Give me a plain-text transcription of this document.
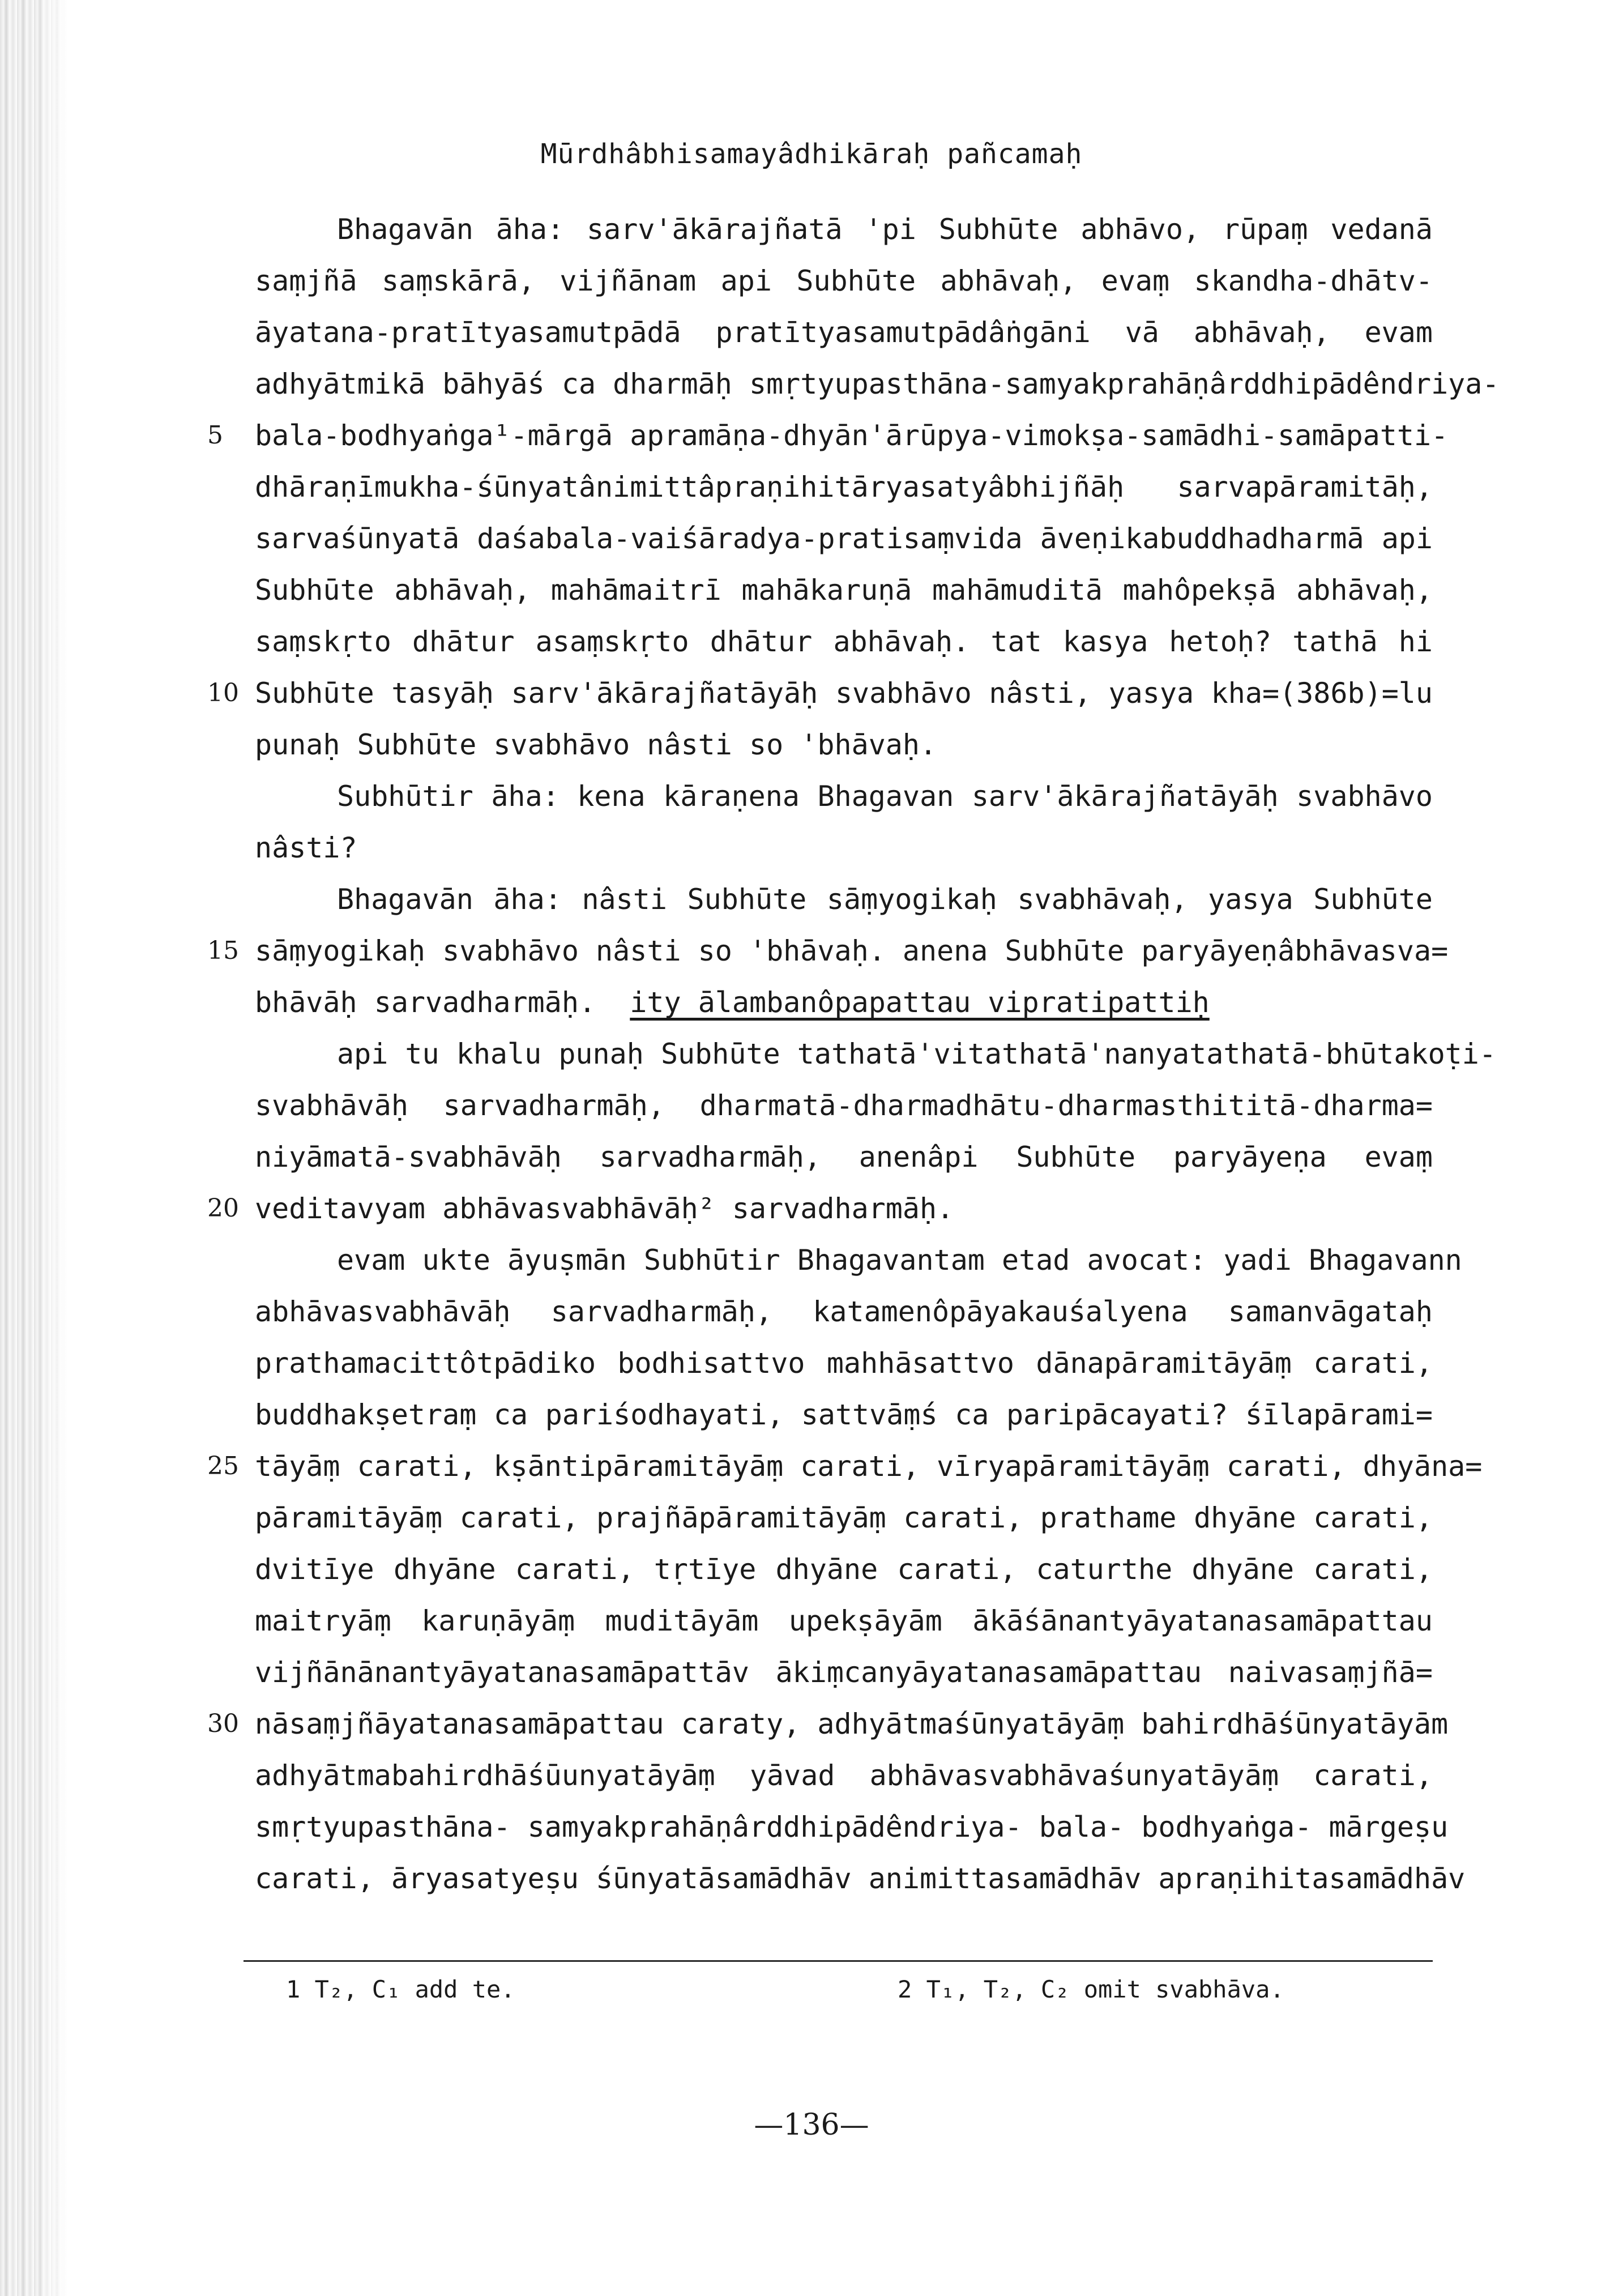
Mūrdhâbhisamayâdhikāraḥ pañcamaḥ
Bhagavān āha: sarv'ākārajñatā 'pi Subhūte abhāvo, rūpaṃ vedanā
saṃjñā saṃskārā, vijñānam api Subhūte abhāvaḥ, evaṃ skandha-dhātv-
āyatana-pratītyasamutpādā pratītyasamutpādâṅgāni vā abhāvaḥ, evam
adhyātmikā bāhyāś ca dharmāḥ smṛtyupasthāna-samyakprahāṇârddhipādêndriya-
bala-bodhyaṅga¹-mārgā apramāṇa-dhyān'ārūpya-vimokṣa-samādhi-samāpatti-
dhāraṇīmukha-śūnyatânimittâpraṇihitāryasatyâbhijñāḥ sarvapāramitāḥ,
sarvaśūnyatā daśabala-vaiśāradya-pratisaṃvida āveṇikabuddhadharmā api
Subhūte abhāvaḥ, mahāmaitrī mahākaruṇā mahāmuditā mahôpekṣā abhāvaḥ,
saṃskṛto dhātur asaṃskṛto dhātur abhāvaḥ. tat kasya hetoḥ? tathā hi
Subhūte tasyāḥ sarv'ākārajñatāyāḥ svabhāvo nâsti, yasya kha=(386b)=lu
punaḥ Subhūte svabhāvo nâsti so 'bhāvaḥ.
Subhūtir āha: kena kāraṇena Bhagavan sarv'ākārajñatāyāḥ svabhāvo
nâsti?
Bhagavān āha: nâsti Subhūte sāṃyogikaḥ svabhāvaḥ, yasya Subhūte
sāṃyogikaḥ svabhāvo nâsti so 'bhāvaḥ. anena Subhūte paryāyeṇâbhāvasva=
bhāvāḥ sarvadharmāḥ. ity ālambanôpapattau vipratipattiḥ
api tu khalu punaḥ Subhūte tathatā'vitathatā'nanyatathatā-bhūtakoṭi-
svabhāvāḥ sarvadharmāḥ, dharmatā-dharmadhātu-dharmasthititā-dharma=
niyāmatā-svabhāvāḥ sarvadharmāḥ, anenâpi Subhūte paryāyeṇa evaṃ
veditavyam abhāvasvabhāvāḥ² sarvadharmāḥ.
evam ukte āyuṣmān Subhūtir Bhagavantam etad avocat: yadi Bhagavann
abhāvasvabhāvāḥ sarvadharmāḥ, katamenôpāyakauśalyena samanvāgataḥ
prathamacittôtpādiko bodhisattvo mahhāsattvo dānapāramitāyāṃ carati,
buddhakṣetraṃ ca pariśodhayati, sattvāṃś ca paripācayati? śīlapārami=
tāyāṃ carati, kṣāntipāramitāyāṃ carati, vīryapāramitāyāṃ carati, dhyāna=
pāramitāyāṃ carati, prajñāpāramitāyāṃ carati, prathame dhyāne carati,
dvitīye dhyāne carati, tṛtīye dhyāne carati, caturthe dhyāne carati,
maitryāṃ karuṇāyāṃ muditāyām upekṣāyām ākāśānantyāyatanasamāpattau
vijñānānantyāyatanasamāpattāv ākiṃcanyāyatanasamāpattau naivasaṃjñā=
nāsaṃjñāyatanasamāpattau caraty, adhyātmaśūnyatāyāṃ bahirdhāśūnyatāyām
adhyātmabahirdhāśūunyatāyāṃ yāvad abhāvasvabhāvaśunyatāyāṃ carati,
smṛtyupasthāna- samyakprahāṇârddhipādêndriya- bala- bodhyaṅga- mārgeṣu
carati, āryasatyeṣu śūnyatāsamādhāv animittasamādhāv apraṇihitasamādhāv
5
10
15
20
25
30
1 T₂, C₁ add te.	2 T₁, T₂, C₂ omit svabhāva.
—136—
